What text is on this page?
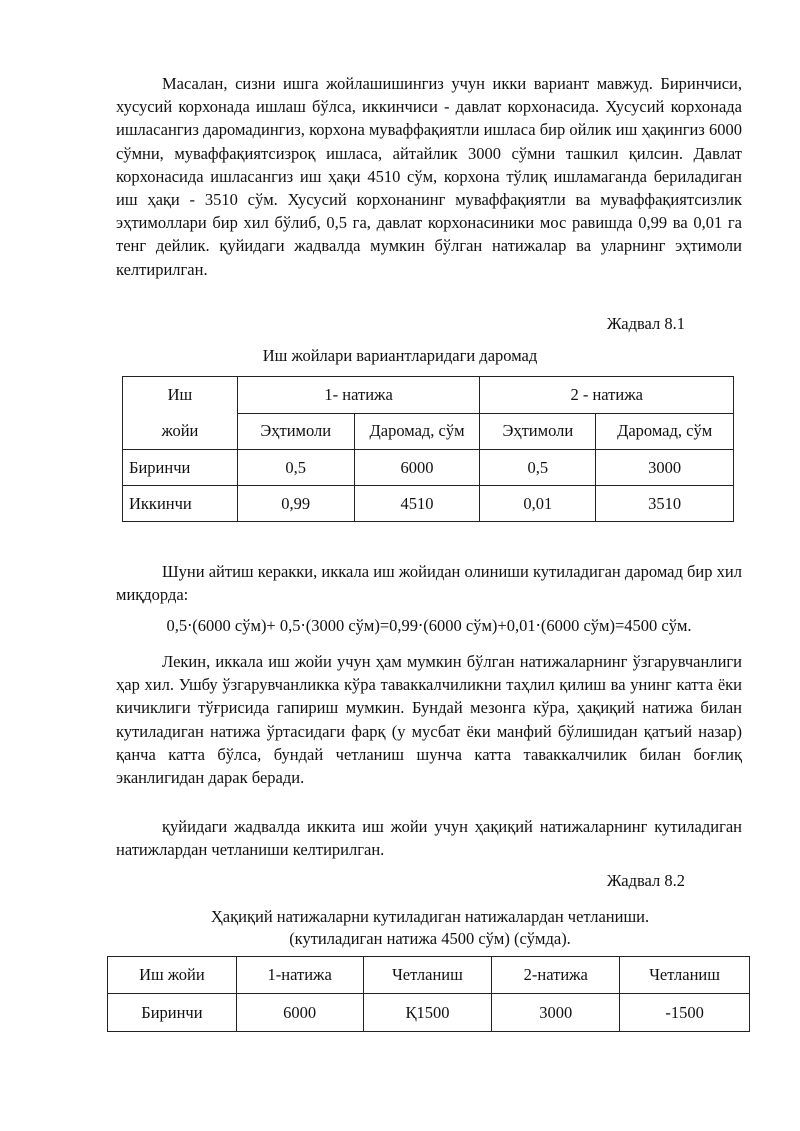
Масалан, сизни ишга жойлашишингиз учун икки вариант мавжуд. Биринчиси, хусусий корхонада ишлаш бўлса, иккинчиси - давлат корхонасида. Хусусий корхонада ишласангиз даромадингиз, корхона муваффақиятли ишласа бир ойлик иш ҳақингиз 6000 сўмни, муваффақиятсизроқ ишласа, айтайлик 3000 сўмни ташкил қилсин. Давлат корхонасида ишласангиз иш ҳақи 4510 сўм, корхона тўлиқ ишламаганда бериладиган иш ҳақи - 3510 сўм. Хусусий корхонанинг муваффақиятли ва муваффақиятсизлик эҳтимоллари бир хил бўлиб, 0,5 га, давлат корхонасиники мос равишда 0,99 ва 0,01 га тенг дейлик. қуйидаги жадвалда мумкин бўлган натижалар ва уларнинг эҳтимоли келтирилган.

Жадвал 8.1

Иш жойлари вариантларидаги даромад

Иш
жойи	1- натижа		2 - натижа	
	Эҳтимоли	Даромад, сўм	Эҳтимоли	Даромад, сўм
Биринчи	0,5	6000	0,5	3000
Иккинчи	0,99	4510	0,01	3510

Шуни айтиш керакки, иккала иш жойидан олиниши кутиладиган даромад бир хил миқдорда:

0,5⋅(6000 сўм)+ 0,5⋅(3000 сўм)=0,99⋅(6000 сўм)+0,01⋅(6000 сўм)=4500 сўм.

Лекин, иккала иш жойи учун ҳам мумкин бўлган натижаларнинг ўзгарувчанлиги ҳар хил. Ушбу ўзгарувчанликка кўра таваккалчиликни таҳлил қилиш ва унинг катта ёки кичиклиги тўғрисида гапириш мумкин. Бундай мезонга кўра, ҳақиқий натижа билан кутиладиган натижа ўртасидаги фарқ (у мусбат ёки манфий бўлишидан қатъий назар) қанча катта бўлса, бундай четланиш шунча катта таваккалчилик билан боғлиқ эканлигидан дарак беради.

қуйидаги жадвалда иккита иш жойи учун ҳақиқий натижаларнинг кутиладиган натижлардан четланиши келтирилган.

Жадвал 8.2

Ҳақиқий натижаларни кутиладиган натижалардан четланиши.

(кутиладиган натижа 4500 сўм) (сўмда).

Иш жойи	1-натижа	Четланиш	2-натижа	Четланиш
Биринчи	6000	Қ1500	3000	-1500
